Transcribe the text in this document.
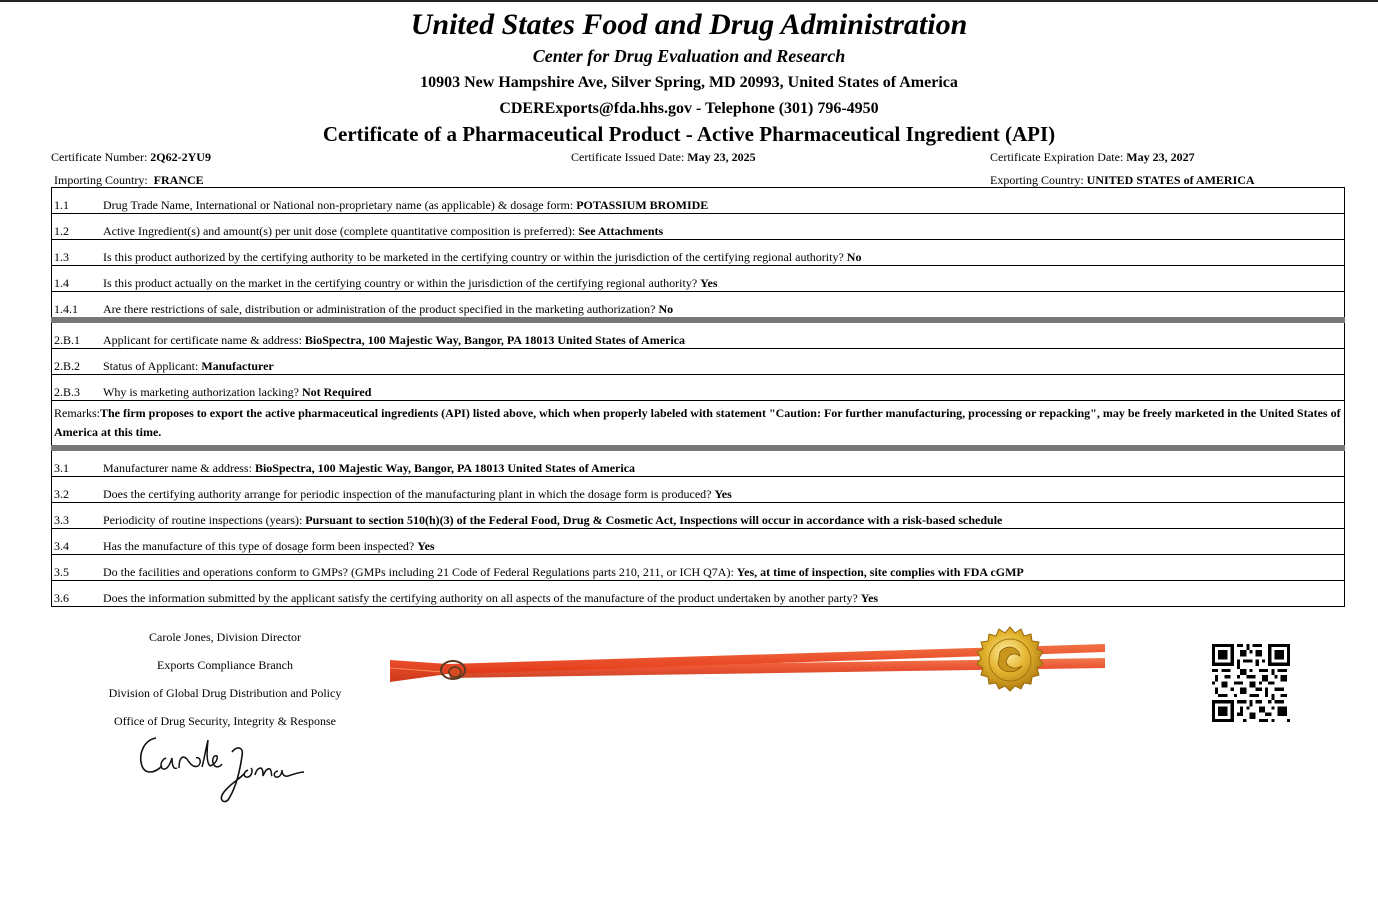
United States Food and Drug Administration
Center for Drug Evaluation and Research
10903 New Hampshire Ave, Silver Spring, MD 20993, United States of America
CDERExports@fda.hhs.gov - Telephone (301) 796-4950
Certificate of a Pharmaceutical Product - Active Pharmaceutical Ingredient (API)
Certificate Number: 2Q62-2YU9	Certificate Issued Date: May 23, 2025	Certificate Expiration Date: May 23, 2027
Importing Country: FRANCE	Exporting Country: UNITED STATES of AMERICA
1.1	Drug Trade Name, International or National non-proprietary name (as applicable) & dosage form: POTASSIUM BROMIDE
1.2	Active Ingredient(s) and amount(s) per unit dose (complete quantitative composition is preferred): See Attachments
1.3	Is this product authorized by the certifying authority to be marketed in the certifying country or within the jurisdiction of the certifying regional authority? No
1.4	Is this product actually on the market in the certifying country or within the jurisdiction of the certifying regional authority? Yes
1.4.1	Are there restrictions of sale, distribution or administration of the product specified in the marketing authorization? No
2.B.1	Applicant for certificate name & address: BioSpectra, 100 Majestic Way, Bangor, PA 18013 United States of America
2.B.2	Status of Applicant: Manufacturer
2.B.3	Why is marketing authorization lacking? Not Required
Remarks:The firm proposes to export the active pharmaceutical ingredients (API) listed above, which when properly labeled with statement "Caution: For further manufacturing, processing or repacking", may be freely marketed in the United States of America at this time.	
3.1	Manufacturer name & address: BioSpectra, 100 Majestic Way, Bangor, PA 18013 United States of America
3.2	Does the certifying authority arrange for periodic inspection of the manufacturing plant in which the dosage form is produced? Yes
3.3	Periodicity of routine inspections (years): Pursuant to section 510(h)(3) of the Federal Food, Drug & Cosmetic Act, Inspections will occur in accordance with a risk-based schedule
3.4	Has the manufacture of this type of dosage form been inspected? Yes
3.5	Do the facilities and operations conform to GMPs? (GMPs including 21 Code of Federal Regulations parts 210, 211, or ICH Q7A): Yes, at time of inspection, site complies with FDA cGMP
3.6	Does the information submitted by the applicant satisfy the certifying authority on all aspects of the manufacture of the product undertaken by another party? Yes
Carole Jones, Division Director
Exports Compliance Branch
Division of Global Drug Distribution and Policy
Office of Drug Security, Integrity & Response
